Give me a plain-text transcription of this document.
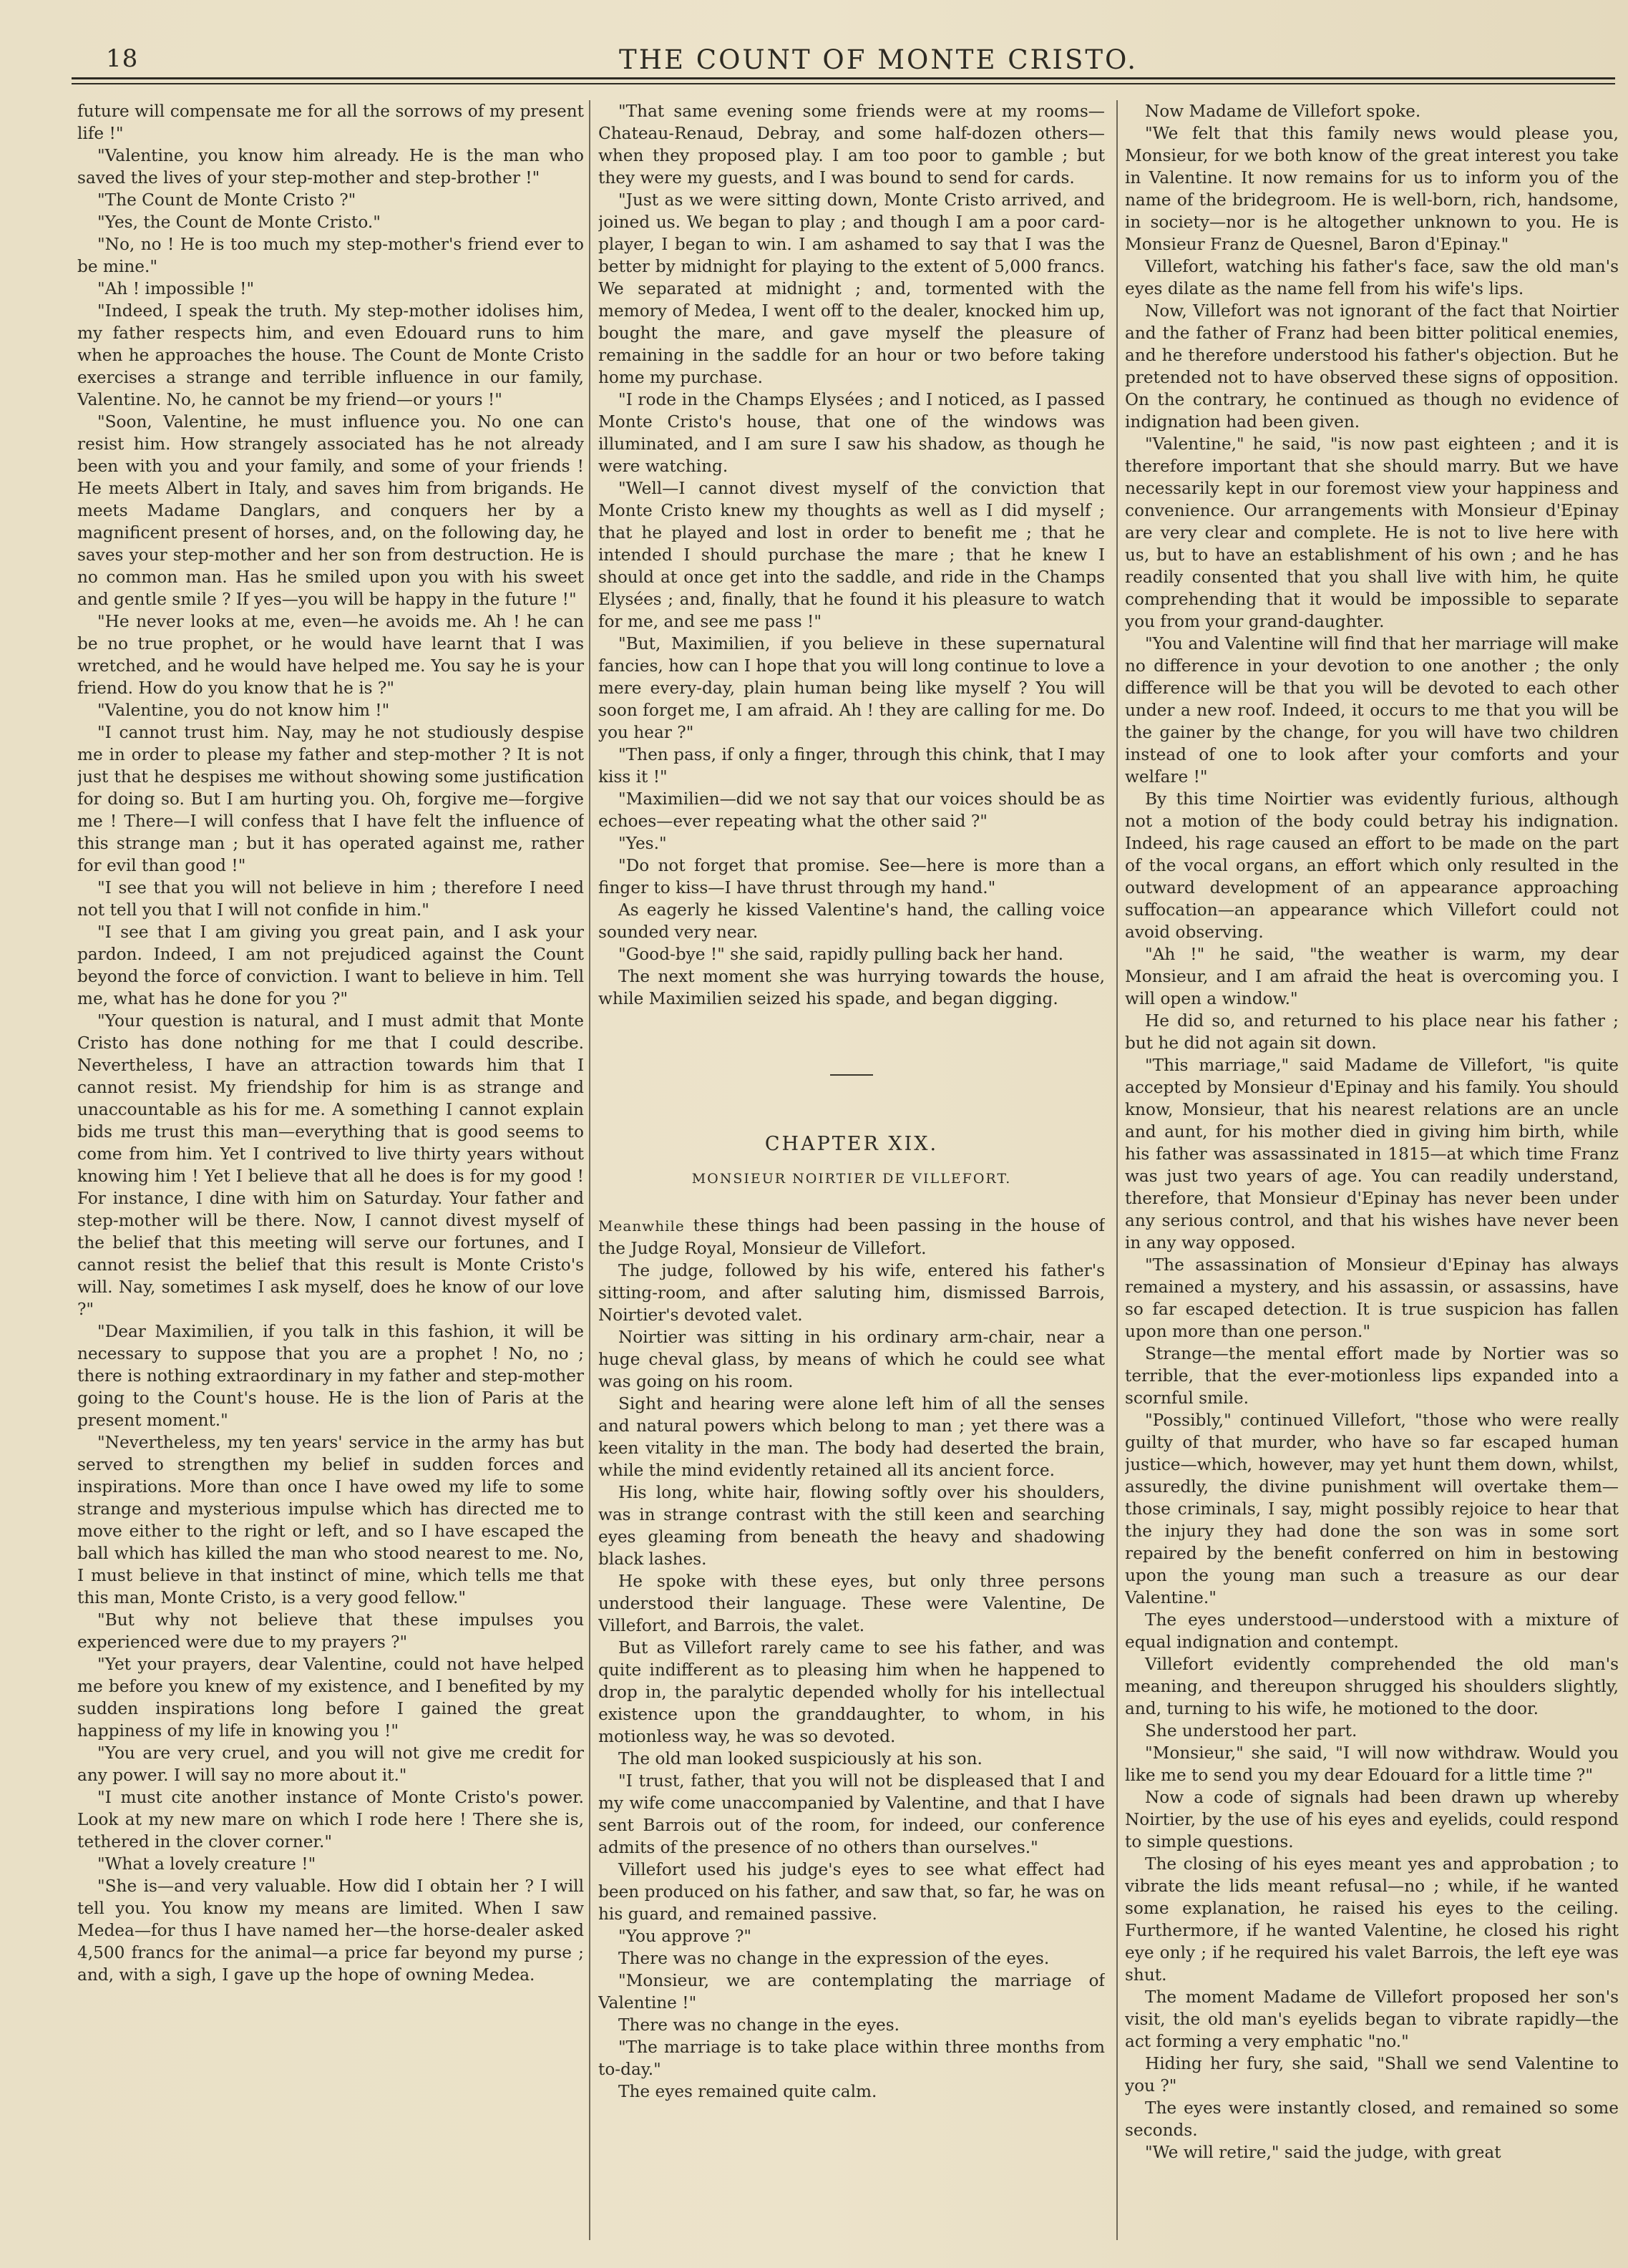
18	THE COUNT OF MONTE CRISTO.

future will compensate me for all the sorrows of my present life !"

"Valentine, you know him already. He is the man who saved the lives of your step-mother and step-brother !"

"The Count de Monte Cristo ?"

"Yes, the Count de Monte Cristo."

"No, no ! He is too much my step-mother's friend ever to be mine."

"Ah ! impossible !"

"Indeed, I speak the truth. My step-mother idolises him, my father respects him, and even Edouard runs to him when he approaches the house. The Count de Monte Cristo exercises a strange and terrible influence in our family, Valentine. No, he cannot be my friend—or yours !"

"Soon, Valentine, he must influence you. No one can resist him. How strangely associated has he not already been with you and your family, and some of your friends ! He meets Albert in Italy, and saves him from brigands. He meets Madame Danglars, and conquers her by a magnificent present of horses, and, on the following day, he saves your step-mother and her son from destruction. He is no common man. Has he smiled upon you with his sweet and gentle smile ? If yes—you will be happy in the future !"

"He never looks at me, even—he avoids me. Ah ! he can be no true prophet, or he would have learnt that I was wretched, and he would have helped me. You say he is your friend. How do you know that he is ?"

"Valentine, you do not know him !"

"I cannot trust him. Nay, may he not studiously despise me in order to please my father and step-mother ? It is not just that he despises me without showing some justification for doing so. But I am hurting you. Oh, forgive me—forgive me ! There—I will confess that I have felt the influence of this strange man ; but it has operated against me, rather for evil than good !"

"I see that you will not believe in him ; therefore I need not tell you that I will not confide in him."

"I see that I am giving you great pain, and I ask your pardon. Indeed, I am not prejudiced against the Count beyond the force of conviction. I want to believe in him. Tell me, what has he done for you ?"

"Your question is natural, and I must admit that Monte Cristo has done nothing for me that I could describe. Nevertheless, I have an attraction towards him that I cannot resist. My friendship for him is as strange and unaccountable as his for me. A something I cannot explain bids me trust this man—everything that is good seems to come from him. Yet I contrived to live thirty years without knowing him ! Yet I believe that all he does is for my good ! For instance, I dine with him on Saturday. Your father and step-mother will be there. Now, I cannot divest myself of the belief that this meeting will serve our fortunes, and I cannot resist the belief that this result is Monte Cristo's will. Nay, sometimes I ask myself, does he know of our love ?"

"Dear Maximilien, if you talk in this fashion, it will be necessary to suppose that you are a prophet ! No, no ; there is nothing extraordinary in my father and step-mother going to the Count's house. He is the lion of Paris at the present moment."

"Nevertheless, my ten years' service in the army has but served to strengthen my belief in sudden forces and inspirations. More than once I have owed my life to some strange and mysterious impulse which has directed me to move either to the right or left, and so I have escaped the ball which has killed the man who stood nearest to me. No, I must believe in that instinct of mine, which tells me that this man, Monte Cristo, is a very good fellow."

"But why not believe that these impulses you experienced were due to my prayers ?"

"Yet your prayers, dear Valentine, could not have helped me before you knew of my existence, and I benefited by my sudden inspirations long before I gained the great happiness of my life in knowing you !"

"You are very cruel, and you will not give me credit for any power. I will say no more about it."

"I must cite another instance of Monte Cristo's power. Look at my new mare on which I rode here ! There she is, tethered in the clover corner."

"What a lovely creature !"

"She is—and very valuable. How did I obtain her ? I will tell you. You know my means are limited. When I saw Medea—for thus I have named her—the horse-dealer asked 4,500 francs for the animal—a price far beyond my purse ; and, with a sigh, I gave up the hope of owning Medea.

"That same evening some friends were at my rooms—Chateau-Renaud, Debray, and some half-dozen others—when they proposed play. I am too poor to gamble ; but they were my guests, and I was bound to send for cards.

"Just as we were sitting down, Monte Cristo arrived, and joined us. We began to play ; and though I am a poor card-player, I began to win. I am ashamed to say that I was the better by midnight for playing to the extent of 5,000 francs. We separated at midnight ; and, tormented with the memory of Medea, I went off to the dealer, knocked him up, bought the mare, and gave myself the pleasure of remaining in the saddle for an hour or two before taking home my purchase.

"I rode in the Champs Elysées ; and I noticed, as I passed Monte Cristo's house, that one of the windows was illuminated, and I am sure I saw his shadow, as though he were watching.

"Well—I cannot divest myself of the conviction that Monte Cristo knew my thoughts as well as I did myself ; that he played and lost in order to benefit me ; that he intended I should purchase the mare ; that he knew I should at once get into the saddle, and ride in the Champs Elysées ; and, finally, that he found it his pleasure to watch for me, and see me pass !"

"But, Maximilien, if you believe in these supernatural fancies, how can I hope that you will long continue to love a mere every-day, plain human being like myself ? You will soon forget me, I am afraid. Ah ! they are calling for me. Do you hear ?"

"Then pass, if only a finger, through this chink, that I may kiss it !"

"Maximilien—did we not say that our voices should be as echoes—ever repeating what the other said ?"

"Yes."

"Do not forget that promise. See—here is more than a finger to kiss—I have thrust through my hand."

As eagerly he kissed Valentine's hand, the calling voice sounded very near.

"Good-bye !" she said, rapidly pulling back her hand.

The next moment she was hurrying towards the house, while Maximilien seized his spade, and began digging.

CHAPTER XIX.
MONSIEUR NOIRTIER DE VILLEFORT.

Meanwhile these things had been passing in the house of the Judge Royal, Monsieur de Villefort.

The judge, followed by his wife, entered his father's sitting-room, and after saluting him, dismissed Barrois, Noirtier's devoted valet.

Noirtier was sitting in his ordinary arm-chair, near a huge cheval glass, by means of which he could see what was going on his room.

Sight and hearing were alone left him of all the senses and natural powers which belong to man ; yet there was a keen vitality in the man. The body had deserted the brain, while the mind evidently retained all its ancient force.

His long, white hair, flowing softly over his shoulders, was in strange contrast with the still keen and searching eyes gleaming from beneath the heavy and shadowing black lashes.

He spoke with these eyes, but only three persons understood their language. These were Valentine, De Villefort, and Barrois, the valet.

But as Villefort rarely came to see his father, and was quite indifferent as to pleasing him when he happened to drop in, the paralytic depended wholly for his intellectual existence upon the granddaughter, to whom, in his motionless way, he was so devoted.

The old man looked suspiciously at his son.

"I trust, father, that you will not be displeased that I and my wife come unaccompanied by Valentine, and that I have sent Barrois out of the room, for indeed, our conference admits of the presence of no others than ourselves."

Villefort used his judge's eyes to see what effect had been produced on his father, and saw that, so far, he was on his guard, and remained passive.

"You approve ?"

There was no change in the expression of the eyes.

"Monsieur, we are contemplating the marriage of Valentine !"

There was no change in the eyes.

"The marriage is to take place within three months from to-day."

The eyes remained quite calm.

Now Madame de Villefort spoke.

"We felt that this family news would please you, Monsieur, for we both know of the great interest you take in Valentine. It now remains for us to inform you of the name of the bridegroom. He is well-born, rich, handsome, in society—nor is he altogether unknown to you. He is Monsieur Franz de Quesnel, Baron d'Epinay."

Villefort, watching his father's face, saw the old man's eyes dilate as the name fell from his wife's lips.

Now, Villefort was not ignorant of the fact that Noirtier and the father of Franz had been bitter political enemies, and he therefore understood his father's objection. But he pretended not to have observed these signs of opposition. On the contrary, he continued as though no evidence of indignation had been given.

"Valentine," he said, "is now past eighteen ; and it is therefore important that she should marry. But we have necessarily kept in our foremost view your happiness and convenience. Our arrangements with Monsieur d'Epinay are very clear and complete. He is not to live here with us, but to have an establishment of his own ; and he has readily consented that you shall live with him, he quite comprehending that it would be impossible to separate you from your grand-daughter.

"You and Valentine will find that her marriage will make no difference in your devotion to one another ; the only difference will be that you will be devoted to each other under a new roof. Indeed, it occurs to me that you will be the gainer by the change, for you will have two children instead of one to look after your comforts and your welfare !"

By this time Noirtier was evidently furious, although not a motion of the body could betray his indignation. Indeed, his rage caused an effort to be made on the part of the vocal organs, an effort which only resulted in the outward development of an appearance approaching suffocation—an appearance which Villefort could not avoid observing.

"Ah !" he said, "the weather is warm, my dear Monsieur, and I am afraid the heat is overcoming you. I will open a window."

He did so, and returned to his place near his father ; but he did not again sit down.

"This marriage," said Madame de Villefort, "is quite accepted by Monsieur d'Epinay and his family. You should know, Monsieur, that his nearest relations are an uncle and aunt, for his mother died in giving him birth, while his father was assassinated in 1815—at which time Franz was just two years of age. You can readily understand, therefore, that Monsieur d'Epinay has never been under any serious control, and that his wishes have never been in any way opposed.

"The assassination of Monsieur d'Epinay has always remained a mystery, and his assassin, or assassins, have so far escaped detection. It is true suspicion has fallen upon more than one person."

Strange—the mental effort made by Nortier was so terrible, that the ever-motionless lips expanded into a scornful smile.

"Possibly," continued Villefort, "those who were really guilty of that murder, who have so far escaped human justice—which, however, may yet hunt them down, whilst, assuredly, the divine punishment will overtake them—those criminals, I say, might possibly rejoice to hear that the injury they had done the son was in some sort repaired by the benefit conferred on him in bestowing upon the young man such a treasure as our dear Valentine."

The eyes understood—understood with a mixture of equal indignation and contempt.

Villefort evidently comprehended the old man's meaning, and thereupon shrugged his shoulders slightly, and, turning to his wife, he motioned to the door.

She understood her part.

"Monsieur," she said, "I will now withdraw. Would you like me to send you my dear Edouard for a little time ?"

Now a code of signals had been drawn up whereby Noirtier, by the use of his eyes and eyelids, could respond to simple questions.

The closing of his eyes meant yes and approbation ; to vibrate the lids meant refusal—no ; while, if he wanted some explanation, he raised his eyes to the ceiling. Furthermore, if he wanted Valentine, he closed his right eye only ; if he required his valet Barrois, the left eye was shut.

The moment Madame de Villefort proposed her son's visit, the old man's eyelids began to vibrate rapidly—the act forming a very emphatic "no."

Hiding her fury, she said, "Shall we send Valentine to you ?"

The eyes were instantly closed, and remained so some seconds.

"We will retire," said the judge, with great
